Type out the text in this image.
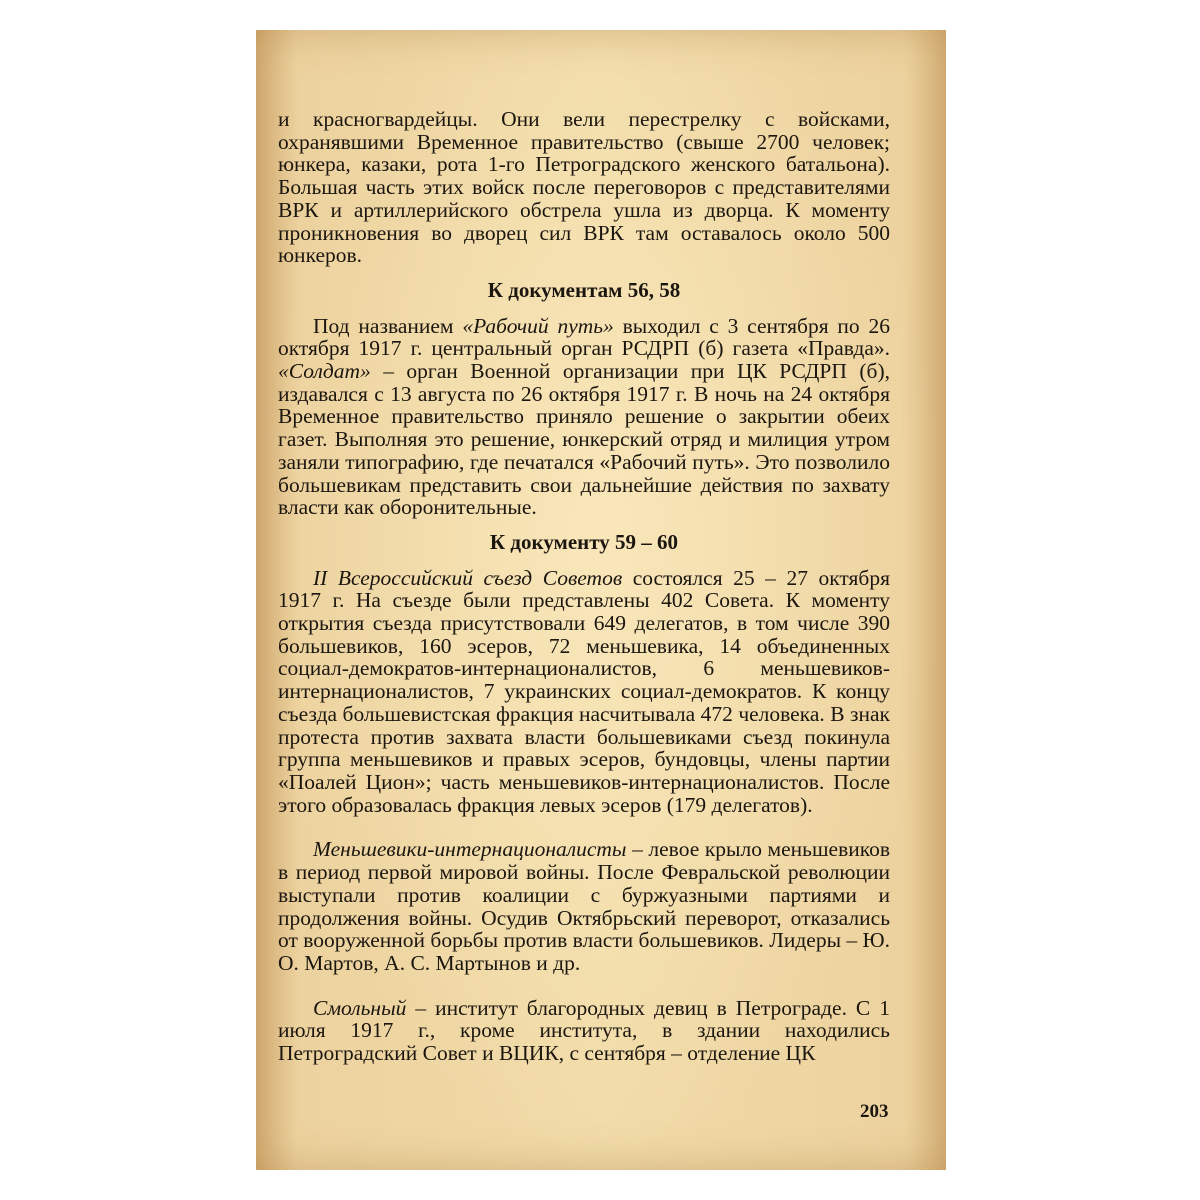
и красногвардейцы. Они вели перестрелку с войсками, охранявшими Временное правительство (свыше 2700 человек; юнкера, казаки, рота 1-го Петроградского женского батальона). Большая часть этих войск после переговоров с представителями ВРК и артиллерийского обстрела ушла из дворца. К моменту проникновения во дворец сил ВРК там оставалось около 500 юнкеров.

К документам 56, 58

Под названием «Рабочий путь» выходил с 3 сентября по 26 октября 1917 г. центральный орган РСДРП (б) газета «Правда». «Солдат» – орган Военной организации при ЦК РСДРП (б), издавался с 13 августа по 26 октября 1917 г. В ночь на 24 октября Временное правительство приняло решение о закрытии обеих газет. Выполняя это решение, юнкерский отряд и милиция утром заняли типографию, где печатался «Рабочий путь». Это позволило большевикам представить свои дальнейшие действия по захвату власти как оборонительные.

К документу 59 – 60

II Всероссийский съезд Советов состоялся 25 – 27 октября 1917 г. На съезде были представлены 402 Совета. К моменту открытия съезда присутствовали 649 делегатов, в том числе 390 большевиков, 160 эсеров, 72 меньшевика, 14 объединенных социал-демократов-интернационалистов, 6 меньшевиков-интернационалистов, 7 украинских социал-демократов. К концу съезда большевистская фракция насчитывала 472 человека. В знак протеста против захвата власти большевиками съезд покинула группа меньшевиков и правых эсеров, бундовцы, члены партии «Поалей Цион»; часть меньшевиков-интернационалистов. После этого образовалась фракция левых эсеров (179 делегатов).

Меньшевики-интернационалисты – левое крыло меньшевиков в период первой мировой войны. После Февральской революции выступали против коалиции с буржуазными партиями и продолжения войны. Осудив Октябрьский переворот, отказались от вооруженной борьбы против власти большевиков. Лидеры – Ю. О. Мартов, А. С. Мартынов и др.

Смольный – институт благородных девиц в Петрограде. С 1 июля 1917 г., кроме института, в здании находились Петроградский Совет и ВЦИК, с сентября – отделение ЦК

203
